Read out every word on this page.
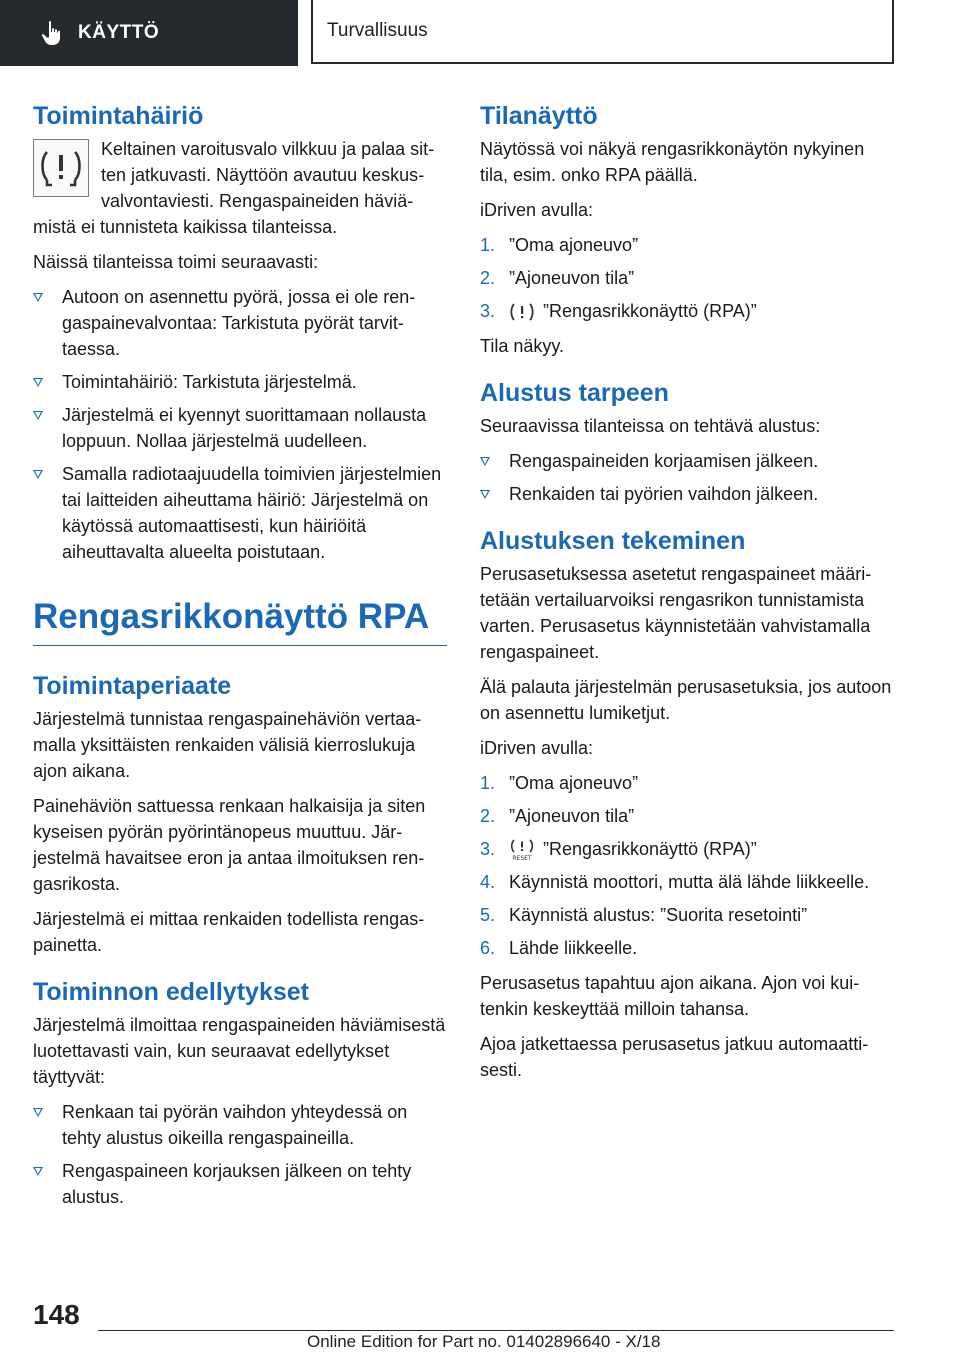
KÄYTTÖ	Turvallisuus
Toimintahäiriö

Keltainen varoitusvalo vilkkuu ja palaa sitten jatkuvasti. Näyttöön avautuu keskusvalvontaviesti. Rengaspaineiden häviämistä ei tunnisteta kaikissa tilanteissa.

Näissä tilanteissa toimi seuraavasti:

Autoon on asennettu pyörä, jossa ei ole rengaspainevalvontaa: Tarkistuta pyörät tarvittaessa.
Toimintahäiriö: Tarkistuta järjestelmä.
Järjestelmä ei kyennyt suorittamaan nollausta loppuun. Nollaa järjestelmä uudelleen.
Samalla radiotaajuudella toimivien järjestelmien tai laitteiden aiheuttama häiriö: Järjestelmä on käytössä automaattisesti, kun häiriöitä aiheuttavalta alueelta poistutaan.
Rengasrikkonäyttö RPA
Toimintaperiaate

Järjestelmä tunnistaa rengaspainehäviön vertaamalla yksittäisten renkaiden välisiä kierroslukuja ajon aikana.

Painehäviön sattuessa renkaan halkaisija ja siten kyseisen pyörän pyörintänopeus muuttuu. Järjestelmä havaitsee eron ja antaa ilmoituksen rengasrikosta.

Järjestelmä ei mittaa renkaiden todellista rengaspainetta.

Toiminnon edellytykset

Järjestelmä ilmoittaa rengaspaineiden häviämisestä luotettavasti vain, kun seuraavat edellytykset täyttyvät:

Renkaan tai pyörän vaihdon yhteydessä on tehty alustus oikeilla rengaspaineilla.
Rengaspaineen korjauksen jälkeen on tehty alustus.
Tilanäyttö

Näytössä voi näkyä rengasrikkonäytön nykyinen tila, esim. onko RPA päällä.

iDriven avulla:

1. ”Oma ajoneuvo”
2. ”Ajoneuvon tila”
3.	”Rengasrikkonäyttö (RPA)”

Tila näkyy.

Alustus tarpeen

Seuraavissa tilanteissa on tehtävä alustus:

Rengaspaineiden korjaamisen jälkeen.
Renkaiden tai pyörien vaihdon jälkeen.
Alustuksen tekeminen

Perusasetuksessa asetetut rengaspaineet määritetään vertailuarvoiksi rengasrikon tunnistamista varten. Perusasetus käynnistetään vahvistamalla rengaspaineet.

Älä palauta järjestelmän perusasetuksia, jos autoon on asennettu lumiketjut.

iDriven avulla:

1. ”Oma ajoneuvo”
2. ”Ajoneuvon tila”
3.	RESET ”Rengasrikkonäyttö (RPA)”
4. Käynnistä moottori, mutta älä lähde liikkeelle.
5. Käynnistä alustus: ”Suorita resetointi”
6. Lähde liikkeelle.

Perusasetus tapahtuu ajon aikana. Ajon voi kuitenkin keskeyttää milloin tahansa.

Ajoa jatkettaessa perusasetus jatkuu automaattisesti.

148
Online Edition for Part no. 01402896640 - X/18
